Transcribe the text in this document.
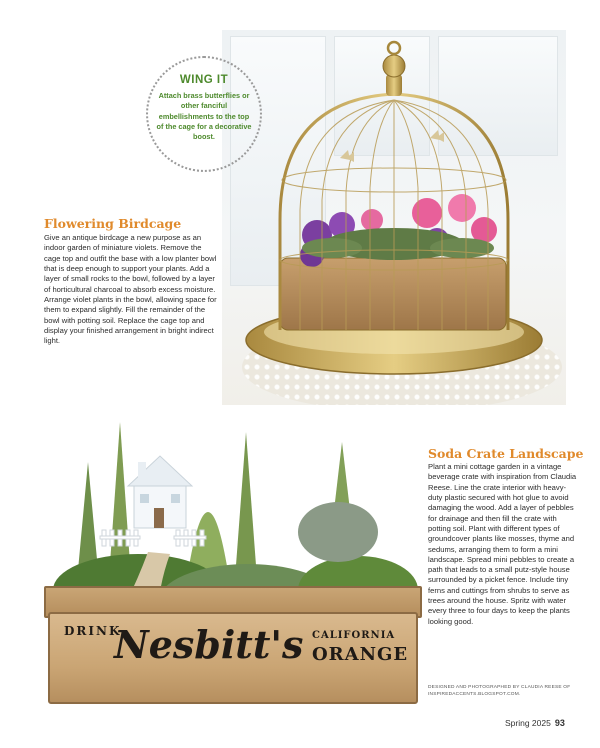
WING IT
Attach brass butterflies or other fanciful embellishments to the top of the cage for a decorative boost.
Flowering Birdcage
Give an antique birdcage a new purpose as an indoor garden of miniature violets. Remove the cage top and outfit the base with a low planter bowl that is deep enough to support your plants. Add a layer of small rocks to the bowl, followed by a layer of horticultural charcoal to absorb excess moisture. Arrange violet plants in the bowl, allowing space for them to expand slightly. Fill the remainder of the bowl with potting soil. Replace the cage top and display your finished arrangement in bright indirect light.
DRINK
Nesbitt's CALIFORNIA
ORANGE
Soda Crate Landscape
Plant a mini cottage garden in a vintage beverage crate with inspiration from Claudia Reese. Line the crate interior with heavy-duty plastic secured with hot glue to avoid damaging the wood. Add a layer of pebbles for drainage and then fill the crate with potting soil. Plant with different types of groundcover plants like mosses, thyme and sedums, arranging them to form a mini landscape. Spread mini pebbles to create a path that leads to a small putz-style house surrounded by a picket fence. Include tiny ferns and cuttings from shrubs to serve as trees around the house. Spritz with water every three to four days to keep the plants looking good.
DESIGNED AND PHOTOGRAPHED BY CLAUDIA REESE OF INSPIREDACCENTS.BLOGSPOT.COM.
Spring 2025 93
